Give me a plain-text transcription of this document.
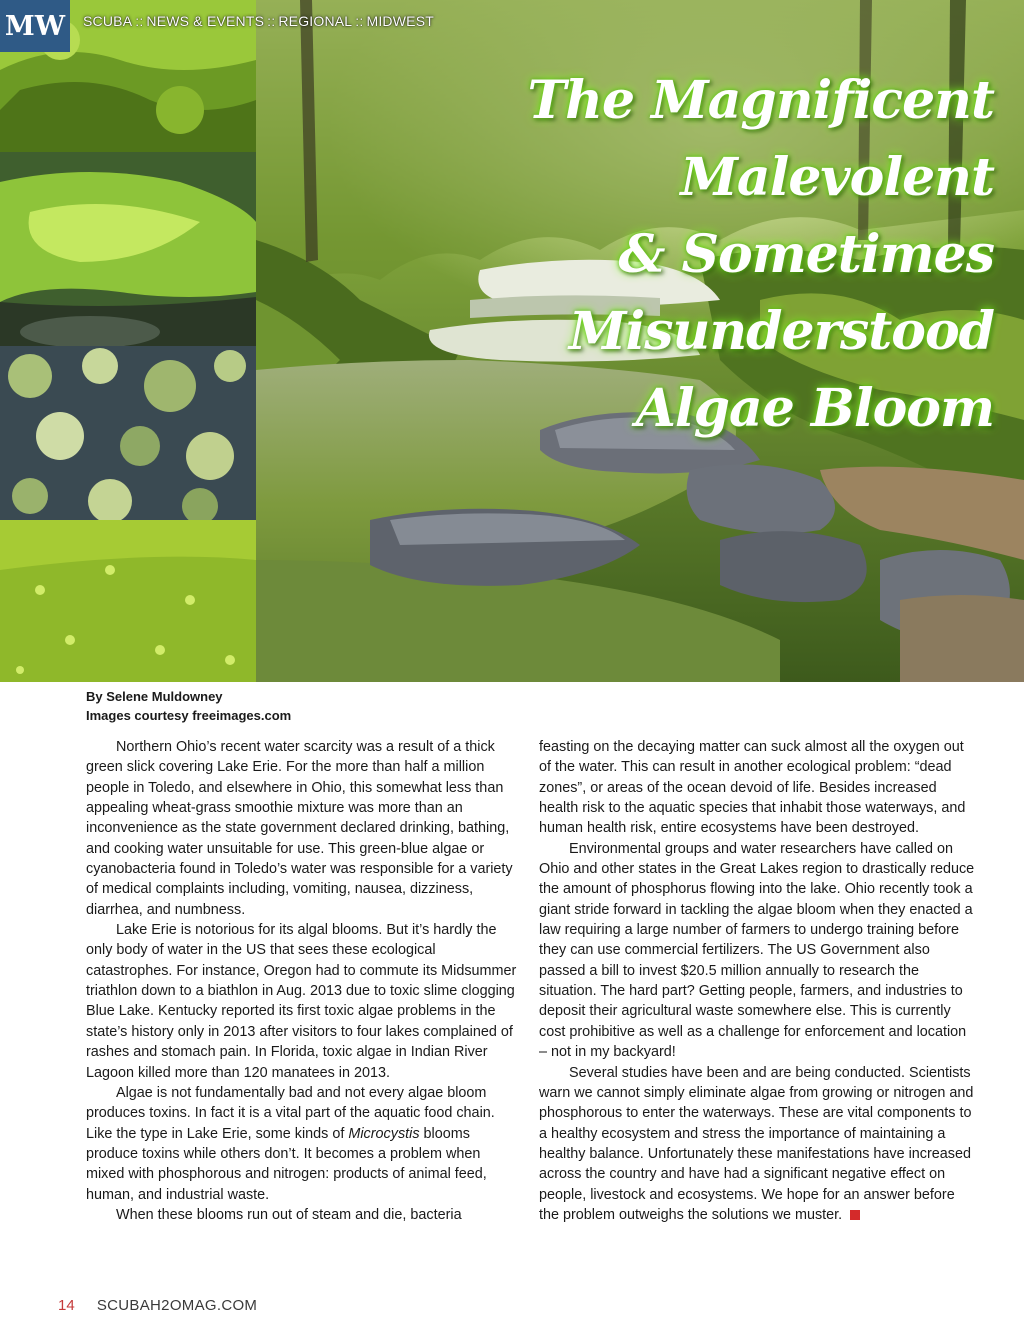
MW	SCUBA :: NEWS & EVENTS :: REGIONAL :: MIDWEST
The Magnificent Malevolent
& Sometimes Misunderstood
Algae Bloom
By Selene Muldowney
Images courtesy freeimages.com

Northern Ohio’s recent water scarcity was a result of a thick green slick covering Lake Erie. For the more than half a million people in Toledo, and elsewhere in Ohio, this somewhat less than appealing wheat-grass smoothie mixture was more than an inconvenience as the state government declared drinking, bathing, and cooking water unsuitable for use. This green-blue algae or cyanobacteria found in Toledo’s water was responsible for a variety of medical complaints including, vomiting, nausea, dizziness, diarrhea, and numbness.

Lake Erie is notorious for its algal blooms. But it’s hardly the only body of water in the US that sees these ecological catastrophes. For instance, Oregon had to commute its Midsummer triathlon down to a biathlon in Aug. 2013 due to toxic slime clogging Blue Lake. Kentucky reported its first toxic algae problems in the state’s history only in 2013 after visitors to four lakes complained of rashes and stomach pain. In Florida, toxic algae in Indian River Lagoon killed more than 120 manatees in 2013.

Algae is not fundamentally bad and not every algae bloom produces toxins. In fact it is a vital part of the aquatic food chain. Like the type in Lake Erie, some kinds of Microcystis blooms produce toxins while others don’t. It becomes a problem when mixed with phosphorous and nitrogen: products of animal feed, human, and industrial waste.

When these blooms run out of steam and die, bacteria

feasting on the decaying matter can suck almost all the oxygen out of the water. This can result in another ecological problem: “dead zones”, or areas of the ocean devoid of life. Besides increased health risk to the aquatic species that inhabit those waterways, and human health risk, entire ecosystems have been destroyed.

Environmental groups and water researchers have called on Ohio and other states in the Great Lakes region to drastically reduce the amount of phosphorus flowing into the lake. Ohio recently took a giant stride forward in tackling the algae bloom when they enacted a law requiring a large number of farmers to undergo training before they can use commercial fertilizers. The US Government also passed a bill to invest $20.5 million annually to research the situation. The hard part? Getting people, farmers, and industries to deposit their agricultural waste somewhere else. This is currently cost prohibitive as well as a challenge for enforcement and location – not in my backyard!

Several studies have been and are being conducted. Scientists warn we cannot simply eliminate algae from growing or nitrogen and phosphorous to enter the waterways. These are vital components to a healthy ecosystem and stress the importance of maintaining a healthy balance. Unfortunately these manifestations have increased across the country and have had a significant negative effect on people, livestock and ecosystems. We hope for an answer before the problem outweighs the solutions we muster.

14 SCUBAH2OMAG.COM
